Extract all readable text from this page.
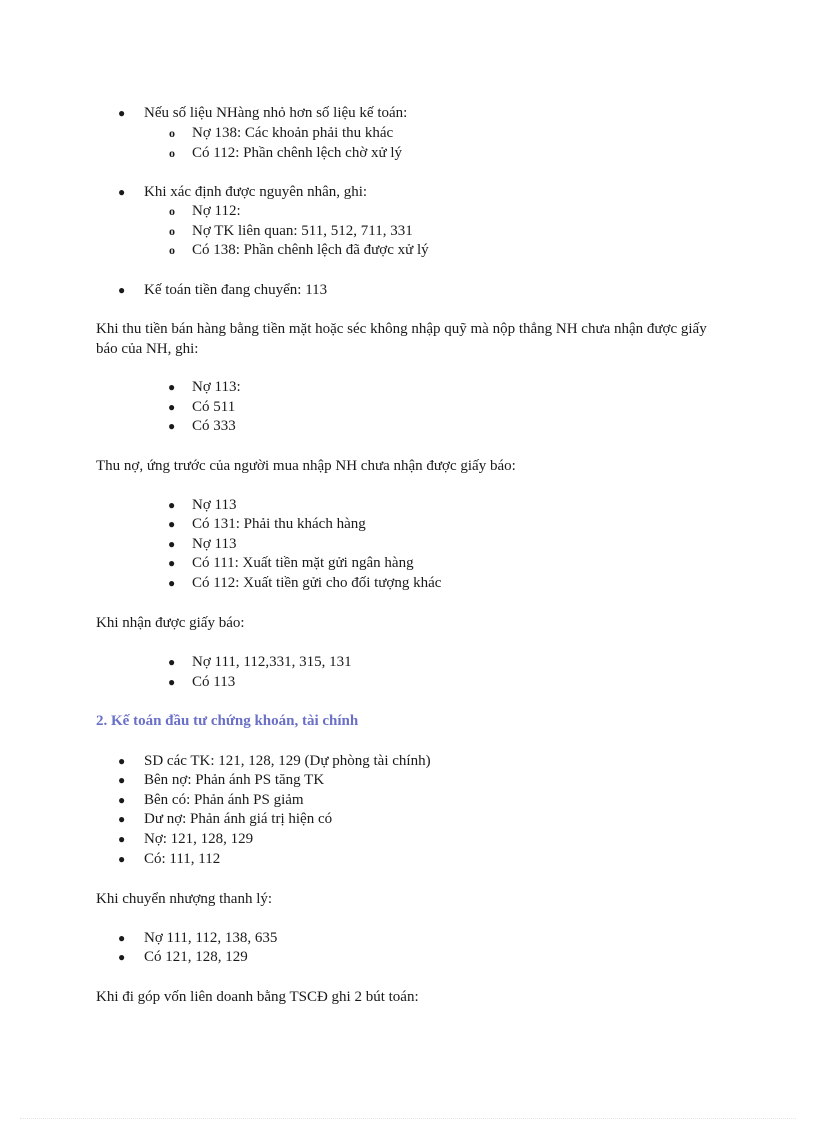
● Nếu số liệu NHàng nhỏ hơn số liệu kế toán:

o Nợ 138: Các khoản phải thu khác

o Có 112: Phần chênh lệch chờ xử lý

● Khi xác định được nguyên nhân, ghi:

o Nợ 112:

o Nợ TK liên quan: 511, 512, 711, 331

o Có 138: Phần chênh lệch đã được xử lý

● Kế toán tiền đang chuyển: 113

Khi thu tiền bán hàng bằng tiền mặt hoặc séc không nhập quỹ mà nộp thẳng NH chưa nhận được giấy báo của NH, ghi:

● Nợ 113:

● Có 511

● Có 333

Thu nợ, ứng trước của người mua nhập NH chưa nhận được giấy báo:

● Nợ 113

● Có 131: Phải thu khách hàng

● Nợ 113

● Có 111: Xuất tiền mặt gửi ngân hàng

● Có 112: Xuất tiền gửi cho đối tượng khác

Khi nhận được giấy báo:

● Nợ 111, 112,331, 315, 131

● Có 113

2. Kế toán đầu tư chứng khoán, tài chính

● SD các TK: 121, 128, 129 (Dự phòng tài chính)

● Bên nợ: Phản ánh PS tăng TK

● Bên có: Phản ánh PS giảm

● Dư nợ: Phản ánh giá trị hiện có

● Nợ: 121, 128, 129

● Có: 111, 112

Khi chuyển nhượng thanh lý:

● Nợ 111, 112, 138, 635

● Có 121, 128, 129

Khi đi góp vốn liên doanh bằng TSCĐ ghi 2 bút toán:
